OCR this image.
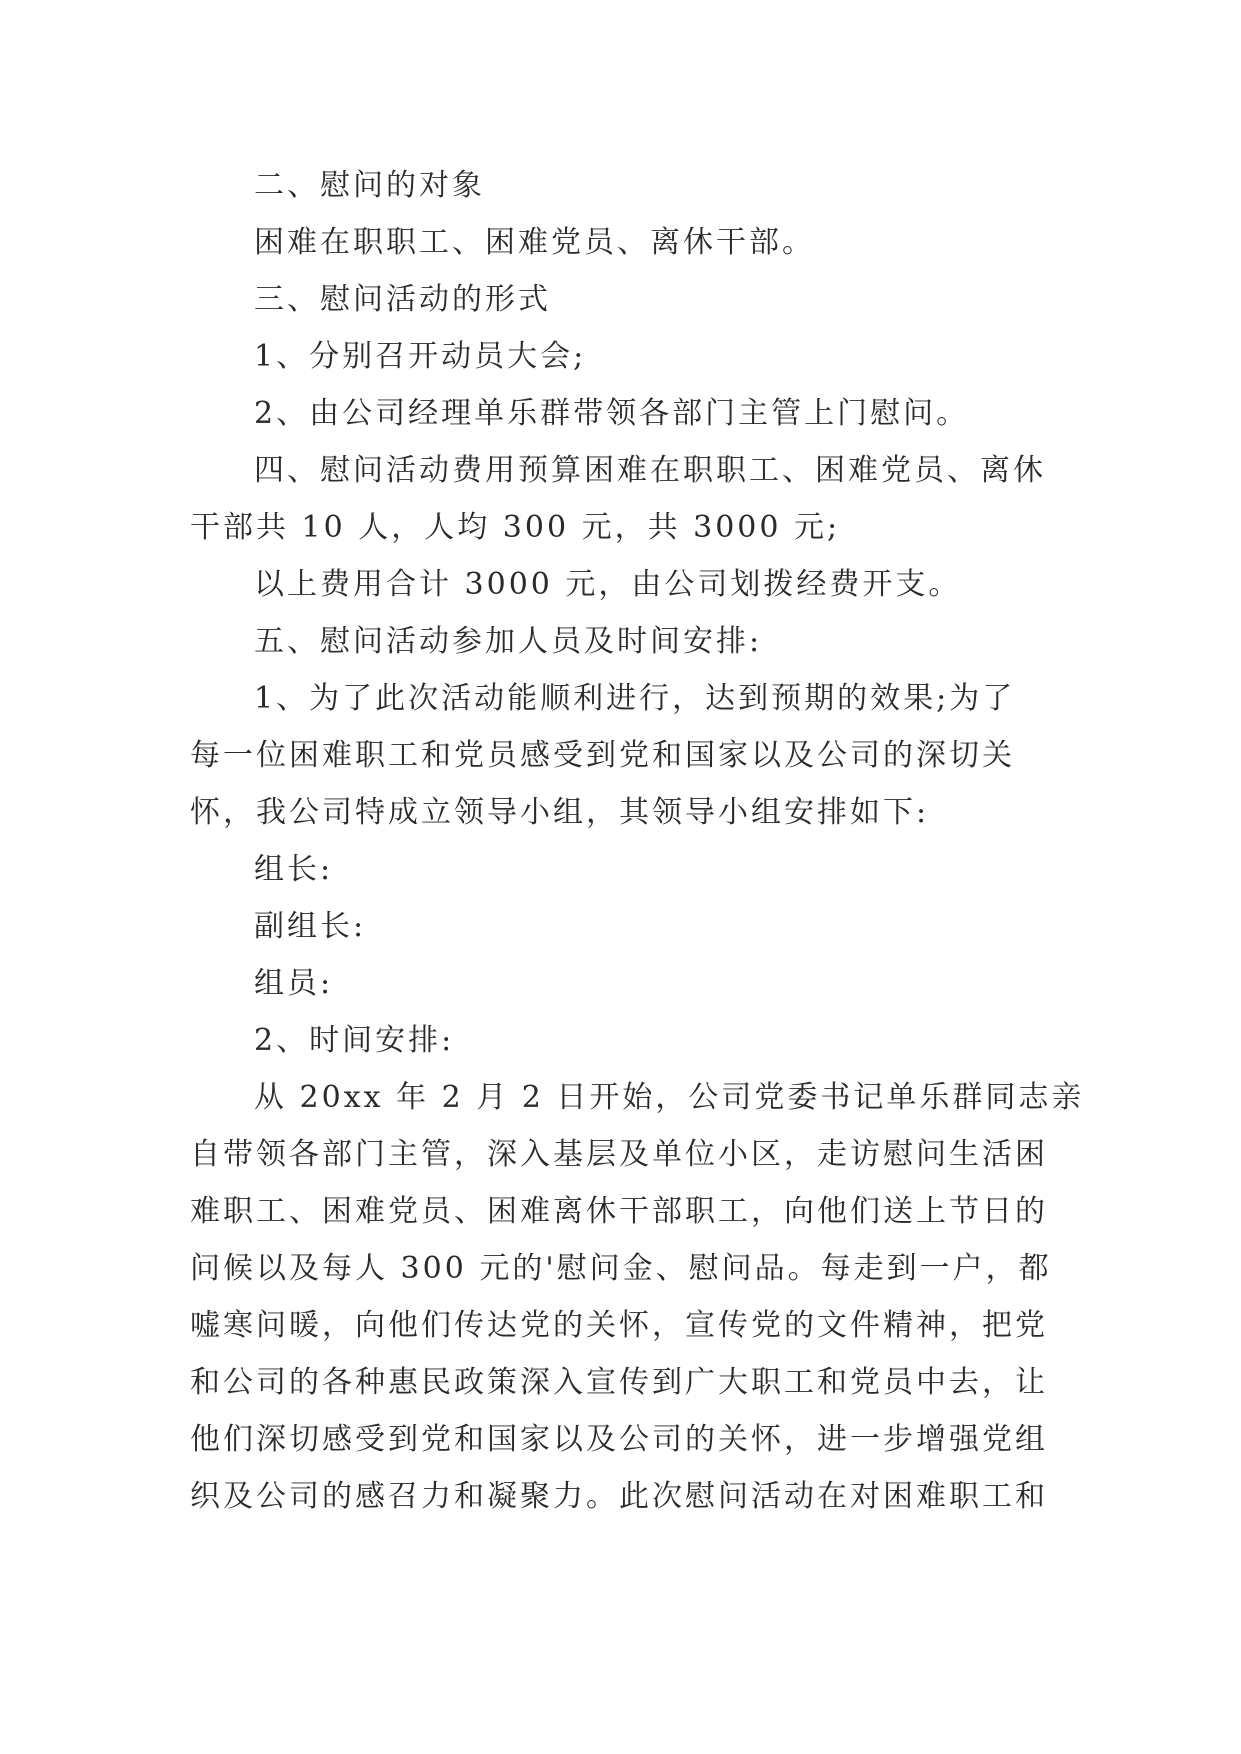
二、慰问的对象

困难在职职工、困难党员、离休干部。

三、慰问活动的形式

1、分别召开动员大会;

2、由公司经理单乐群带领各部门主管上门慰问。

四、慰问活动费用预算困难在职职工、困难党员、离休
干部共 10 人，人均 300 元，共 3000 元;

以上费用合计 3000 元，由公司划拨经费开支。

五、慰问活动参加人员及时间安排:

1、为了此次活动能顺利进行，达到预期的效果;为了
每一位困难职工和党员感受到党和国家以及公司的深切关
怀，我公司特成立领导小组，其领导小组安排如下:

组长:

副组长:

组员:

2、时间安排:

从 20xx 年 2 月 2 日开始，公司党委书记单乐群同志亲
自带领各部门主管，深入基层及单位小区，走访慰问生活困
难职工、困难党员、困难离休干部职工，向他们送上节日的
问候以及每人 300 元的'慰问金、慰问品。每走到一户，都
嘘寒问暖，向他们传达党的关怀，宣传党的文件精神，把党
和公司的各种惠民政策深入宣传到广大职工和党员中去，让
他们深切感受到党和国家以及公司的关怀，进一步增强党组
织及公司的感召力和凝聚力。此次慰问活动在对困难职工和
